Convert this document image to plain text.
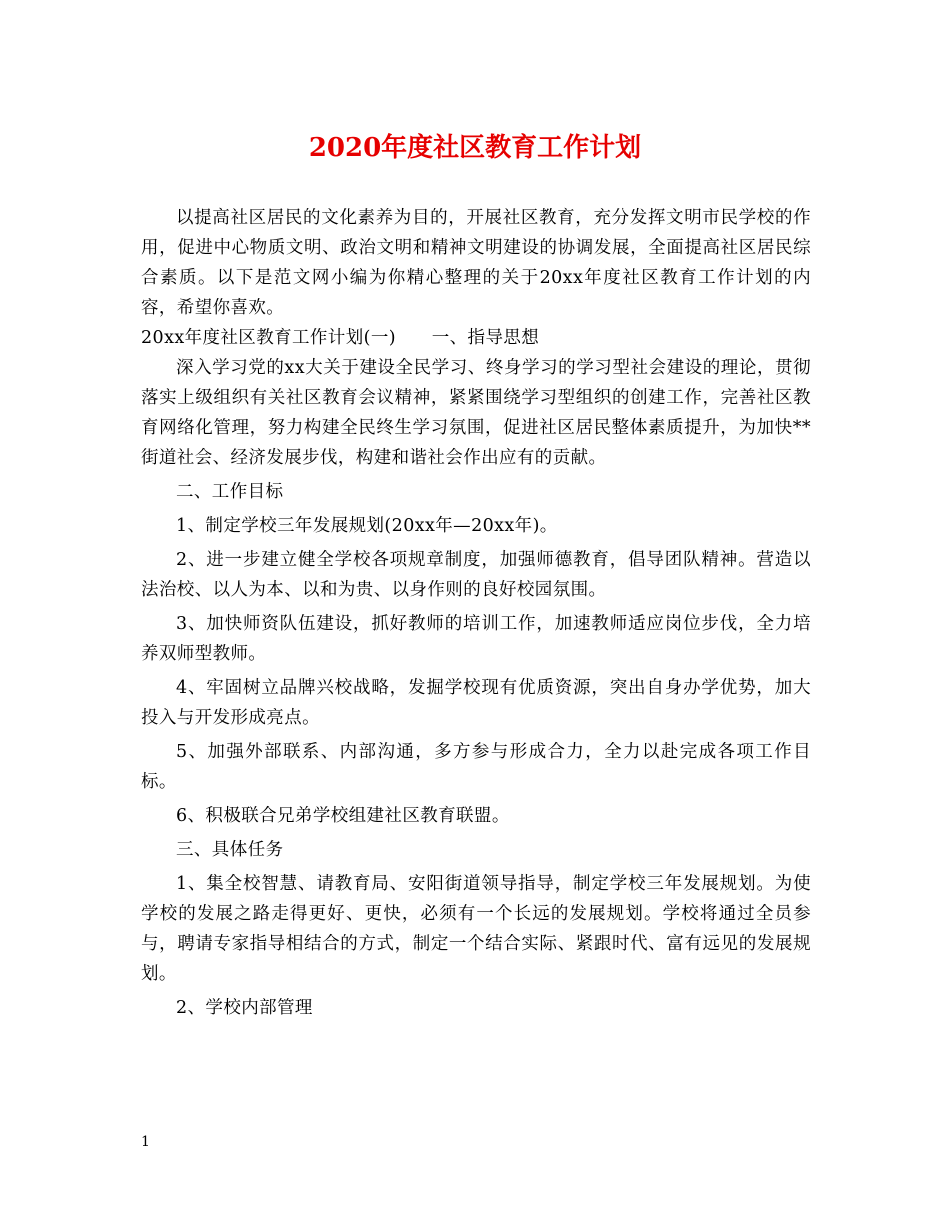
2020年度社区教育工作计划

以提高社区居民的文化素养为目的，开展社区教育，充分发挥文明市民学校的作用，促进中心物质文明、政治文明和精神文明建设的协调发展，全面提高社区居民综合素质。以下是范文网小编为你精心整理的关于20xx年度社区教育工作计划的内容，希望你喜欢。

20xx年度社区教育工作计划(一)　　一、指导思想

深入学习党的xx大关于建设全民学习、终身学习的学习型社会建设的理论，贯彻落实上级组织有关社区教育会议精神，紧紧围绕学习型组织的创建工作，完善社区教育网络化管理，努力构建全民终生学习氛围，促进社区居民整体素质提升，为加快**街道社会、经济发展步伐，构建和谐社会作出应有的贡献。

二、工作目标

1、制定学校三年发展规划(20xx年—20xx年)。

2、进一步建立健全学校各项规章制度，加强师德教育，倡导团队精神。营造以法治校、以人为本、以和为贵、以身作则的良好校园氛围。

3、加快师资队伍建设，抓好教师的培训工作，加速教师适应岗位步伐，全力培养双师型教师。

4、牢固树立品牌兴校战略，发掘学校现有优质资源，突出自身办学优势，加大投入与开发形成亮点。

5、加强外部联系、内部沟通，多方参与形成合力，全力以赴完成各项工作目标。

6、积极联合兄弟学校组建社区教育联盟。

三、具体任务

1、集全校智慧、请教育局、安阳街道领导指导，制定学校三年发展规划。为使学校的发展之路走得更好、更快，必须有一个长远的发展规划。学校将通过全员参与，聘请专家指导相结合的方式，制定一个结合实际、紧跟时代、富有远见的发展规划。

2、学校内部管理

1
